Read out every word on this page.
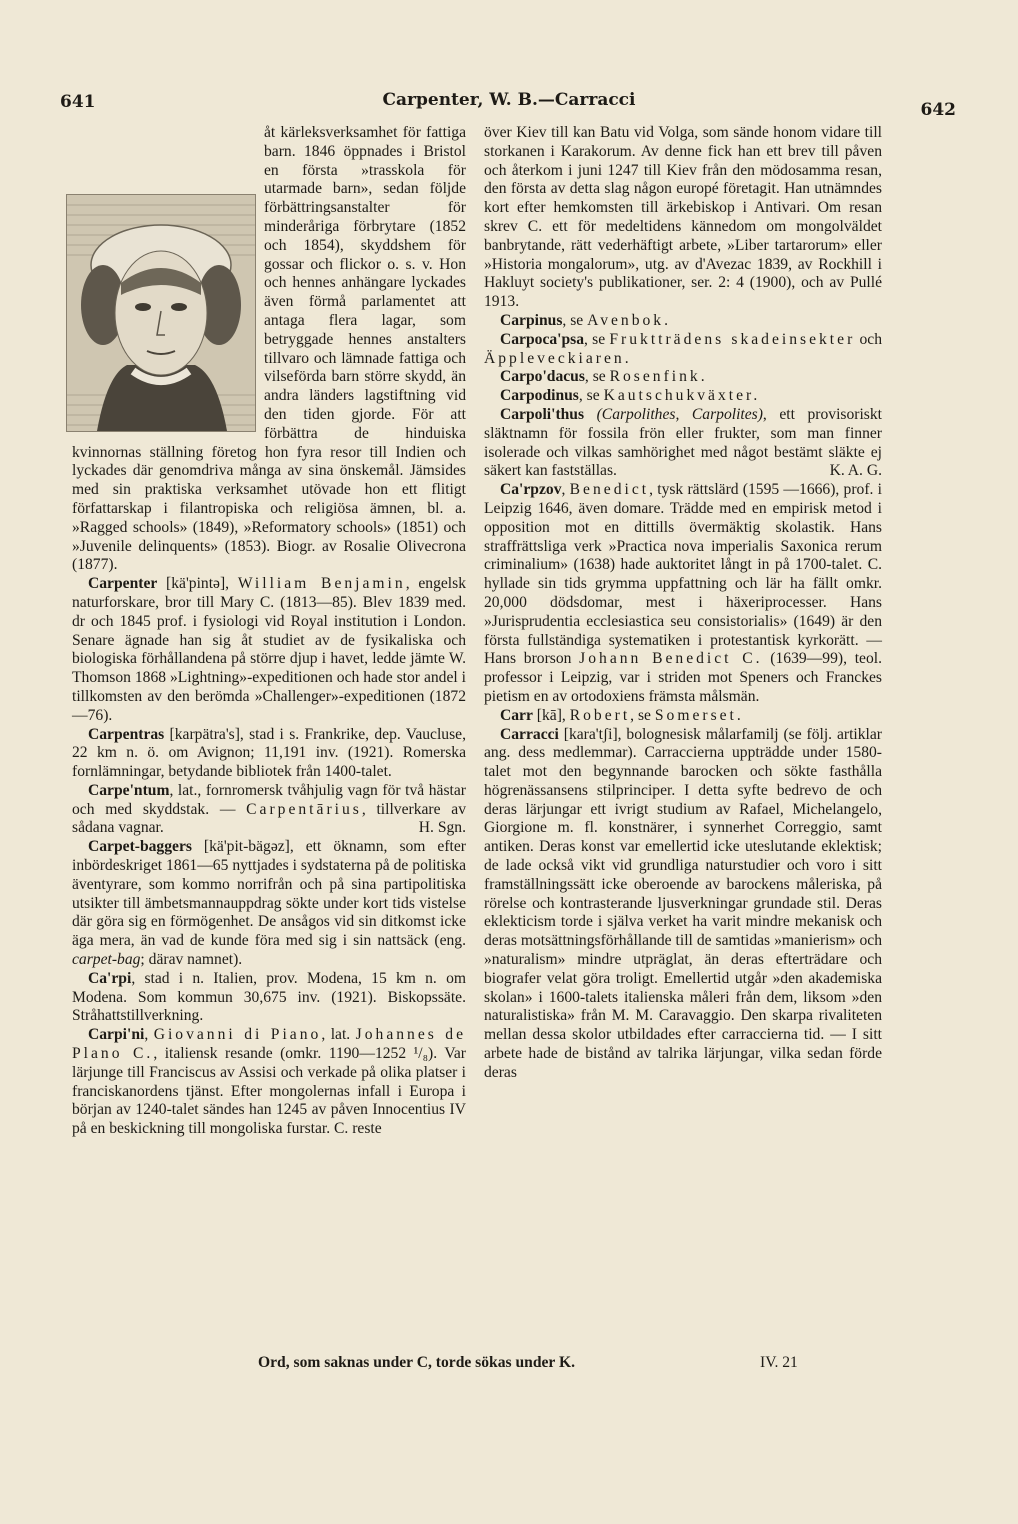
641	Carpenter, W. B.—Carracci	642

åt kärleksverksamhet för fattiga barn. 1846 öppnades i Bristol en första »trasskola för utarmade barn», sedan följde förbättringsanstalter för minderåriga förbrytare (1852 och 1854), skyddshem för gossar och flickor o. s. v. Hon och hennes anhängare lyckades även förmå parlamentet att antaga flera lagar, som betryggade hennes anstalters tillvaro och lämnade fattiga och vilseförda barn större skydd, än andra länders lagstiftning vid den tiden gjorde. För att förbättra de hinduiska kvinnornas ställning företog hon fyra resor till Indien och lyckades där genomdriva många av sina önskemål. Jämsides med sin praktiska verksamhet utövade hon ett flitigt författarskap i filantropiska och religiösa ämnen, bl. a. »Ragged schools» (1849), »Reformatory schools» (1851) och »Juvenile delinquents» (1853). Biogr. av Rosalie Olivecrona (1877).

Carpenter [kä'pintə], William Benjamin, engelsk naturforskare, bror till Mary C. (1813—85). Blev 1839 med. dr och 1845 prof. i fysiologi vid Royal institution i London. Senare ägnade han sig åt studiet av de fysikaliska och biologiska förhållandena på större djup i havet, ledde jämte W. Thomson 1868 »Lightning»-expeditionen och hade stor andel i tillkomsten av den berömda »Challenger»-expeditionen (1872—76).

Carpentras [karpätra's], stad i s. Frankrike, dep. Vaucluse, 22 km n. ö. om Avignon; 11,191 inv. (1921). Romerska fornlämningar, betydande bibliotek från 1400-talet.

Carpe'ntum, lat., fornromersk tvåhjulig vagn för två hästar och med skyddstak. — Carpentārius, tillverkare av sådana vagnar.	H. Sgn.

Carpet-baggers [kä'pit-bägəz], ett öknamn, som efter inbördeskriget 1861—65 nyttjades i sydstaterna på de politiska äventyrare, som kommo norrifrån och på sina partipolitiska utsikter till ämbetsmannauppdrag sökte under kort tids vistelse där göra sig en förmögenhet. De ansågos vid sin ditkomst icke äga mera, än vad de kunde föra med sig i sin nattsäck (eng. carpet-bag; därav namnet).

Ca'rpi, stad i n. Italien, prov. Modena, 15 km n. om Modena. Som kommun 30,675 inv. (1921). Biskopssäte. Stråhattstillverkning.

Carpi'ni, Giovanni di Piano, lat. Johannes de Plano C., italiensk resande (omkr. 1190—1252 ¹/₈). Var lärjunge till Franciscus av Assisi och verkade på olika platser i franciskanordens tjänst. Efter mongolernas infall i Europa i början av 1240-talet sändes han 1245 av påven Innocentius IV på en beskickning till mongoliska furstar. C. reste

över Kiev till kan Batu vid Volga, som sände honom vidare till storkanen i Karakorum. Av denne fick han ett brev till påven och återkom i juni 1247 till Kiev från den mödosamma resan, den första av detta slag någon europé företagit. Han utnämndes kort efter hemkomsten till ärkebiskop i Antivari. Om resan skrev C. ett för medeltidens kännedom om mongolväldet banbrytande, rätt vederhäftigt arbete, »Liber tartarorum» eller »Historia mongalorum», utg. av d'Avezac 1839, av Rockhill i Hakluyt society's publikationer, ser. 2: 4 (1900), och av Pullé 1913.

Carpinus, se Avenbok.

Carpoca'psa, se Fruktträdens skadeinsekter och Äppleveckiaren.

Carpo'dacus, se Rosenfink.

Carpodinus, se Kautschukväxter.

Carpoli'thus (Carpolithes, Carpolites), ett provisoriskt släktnamn för fossila frön eller frukter, som man finner isolerade och vilkas samhörighet med något bestämt släkte ej säkert kan fastställas.	K. A. G.

Ca'rpzov, Benedict, tysk rättslärd (1595 —1666), prof. i Leipzig 1646, även domare. Trädde med en empirisk metod i opposition mot en dittills övermäktig skolastik. Hans straffrättsliga verk »Practica nova imperialis Saxonica rerum criminalium» (1638) hade auktoritet långt in på 1700-talet. C. hyllade sin tids grymma uppfattning och lär ha fällt omkr. 20,000 dödsdomar, mest i häxeriprocesser. Hans »Jurisprudentia ecclesiastica seu consistorialis» (1649) är den första fullständiga systematiken i protestantisk kyrkorätt. — Hans brorson Johann Benedict C. (1639—99), teol. professor i Leipzig, var i striden mot Speners och Franckes pietism en av ortodoxiens främsta målsmän.

Carr [kā], Robert, se Somerset.

Carracci [kara'tʃi], bolognesisk målarfamilj (se följ. artiklar ang. dess medlemmar). Carraccierna uppträdde under 1580-talet mot den begynnande barocken och sökte fasthålla högrenässansens stilprinciper. I detta syfte bedrevo de och deras lärjungar ett ivrigt studium av Rafael, Michelangelo, Giorgione m. fl. konstnärer, i synnerhet Correggio, samt antiken. Deras konst var emellertid icke uteslutande eklektisk; de lade också vikt vid grundliga naturstudier och voro i sitt framställningssätt icke oberoende av barockens måleriska, på rörelse och kontrasterande ljusverkningar grundade stil. Deras eklekticism torde i själva verket ha varit mindre mekanisk och deras motsättningsförhållande till de samtidas »manierism» och »naturalism» mindre utpräglat, än deras efterträdare och biografer velat göra troligt. Emellertid utgår »den akademiska skolan» i 1600-talets italienska måleri från dem, liksom »den naturalistiska» från M. M. Caravaggio. Den skarpa rivaliteten mellan dessa skolor utbildades efter carraccierna tid. — I sitt arbete hade de bistånd av talrika lärjungar, vilka sedan förde deras

Ord, som saknas under C, torde sökas under K.	IV. 21
